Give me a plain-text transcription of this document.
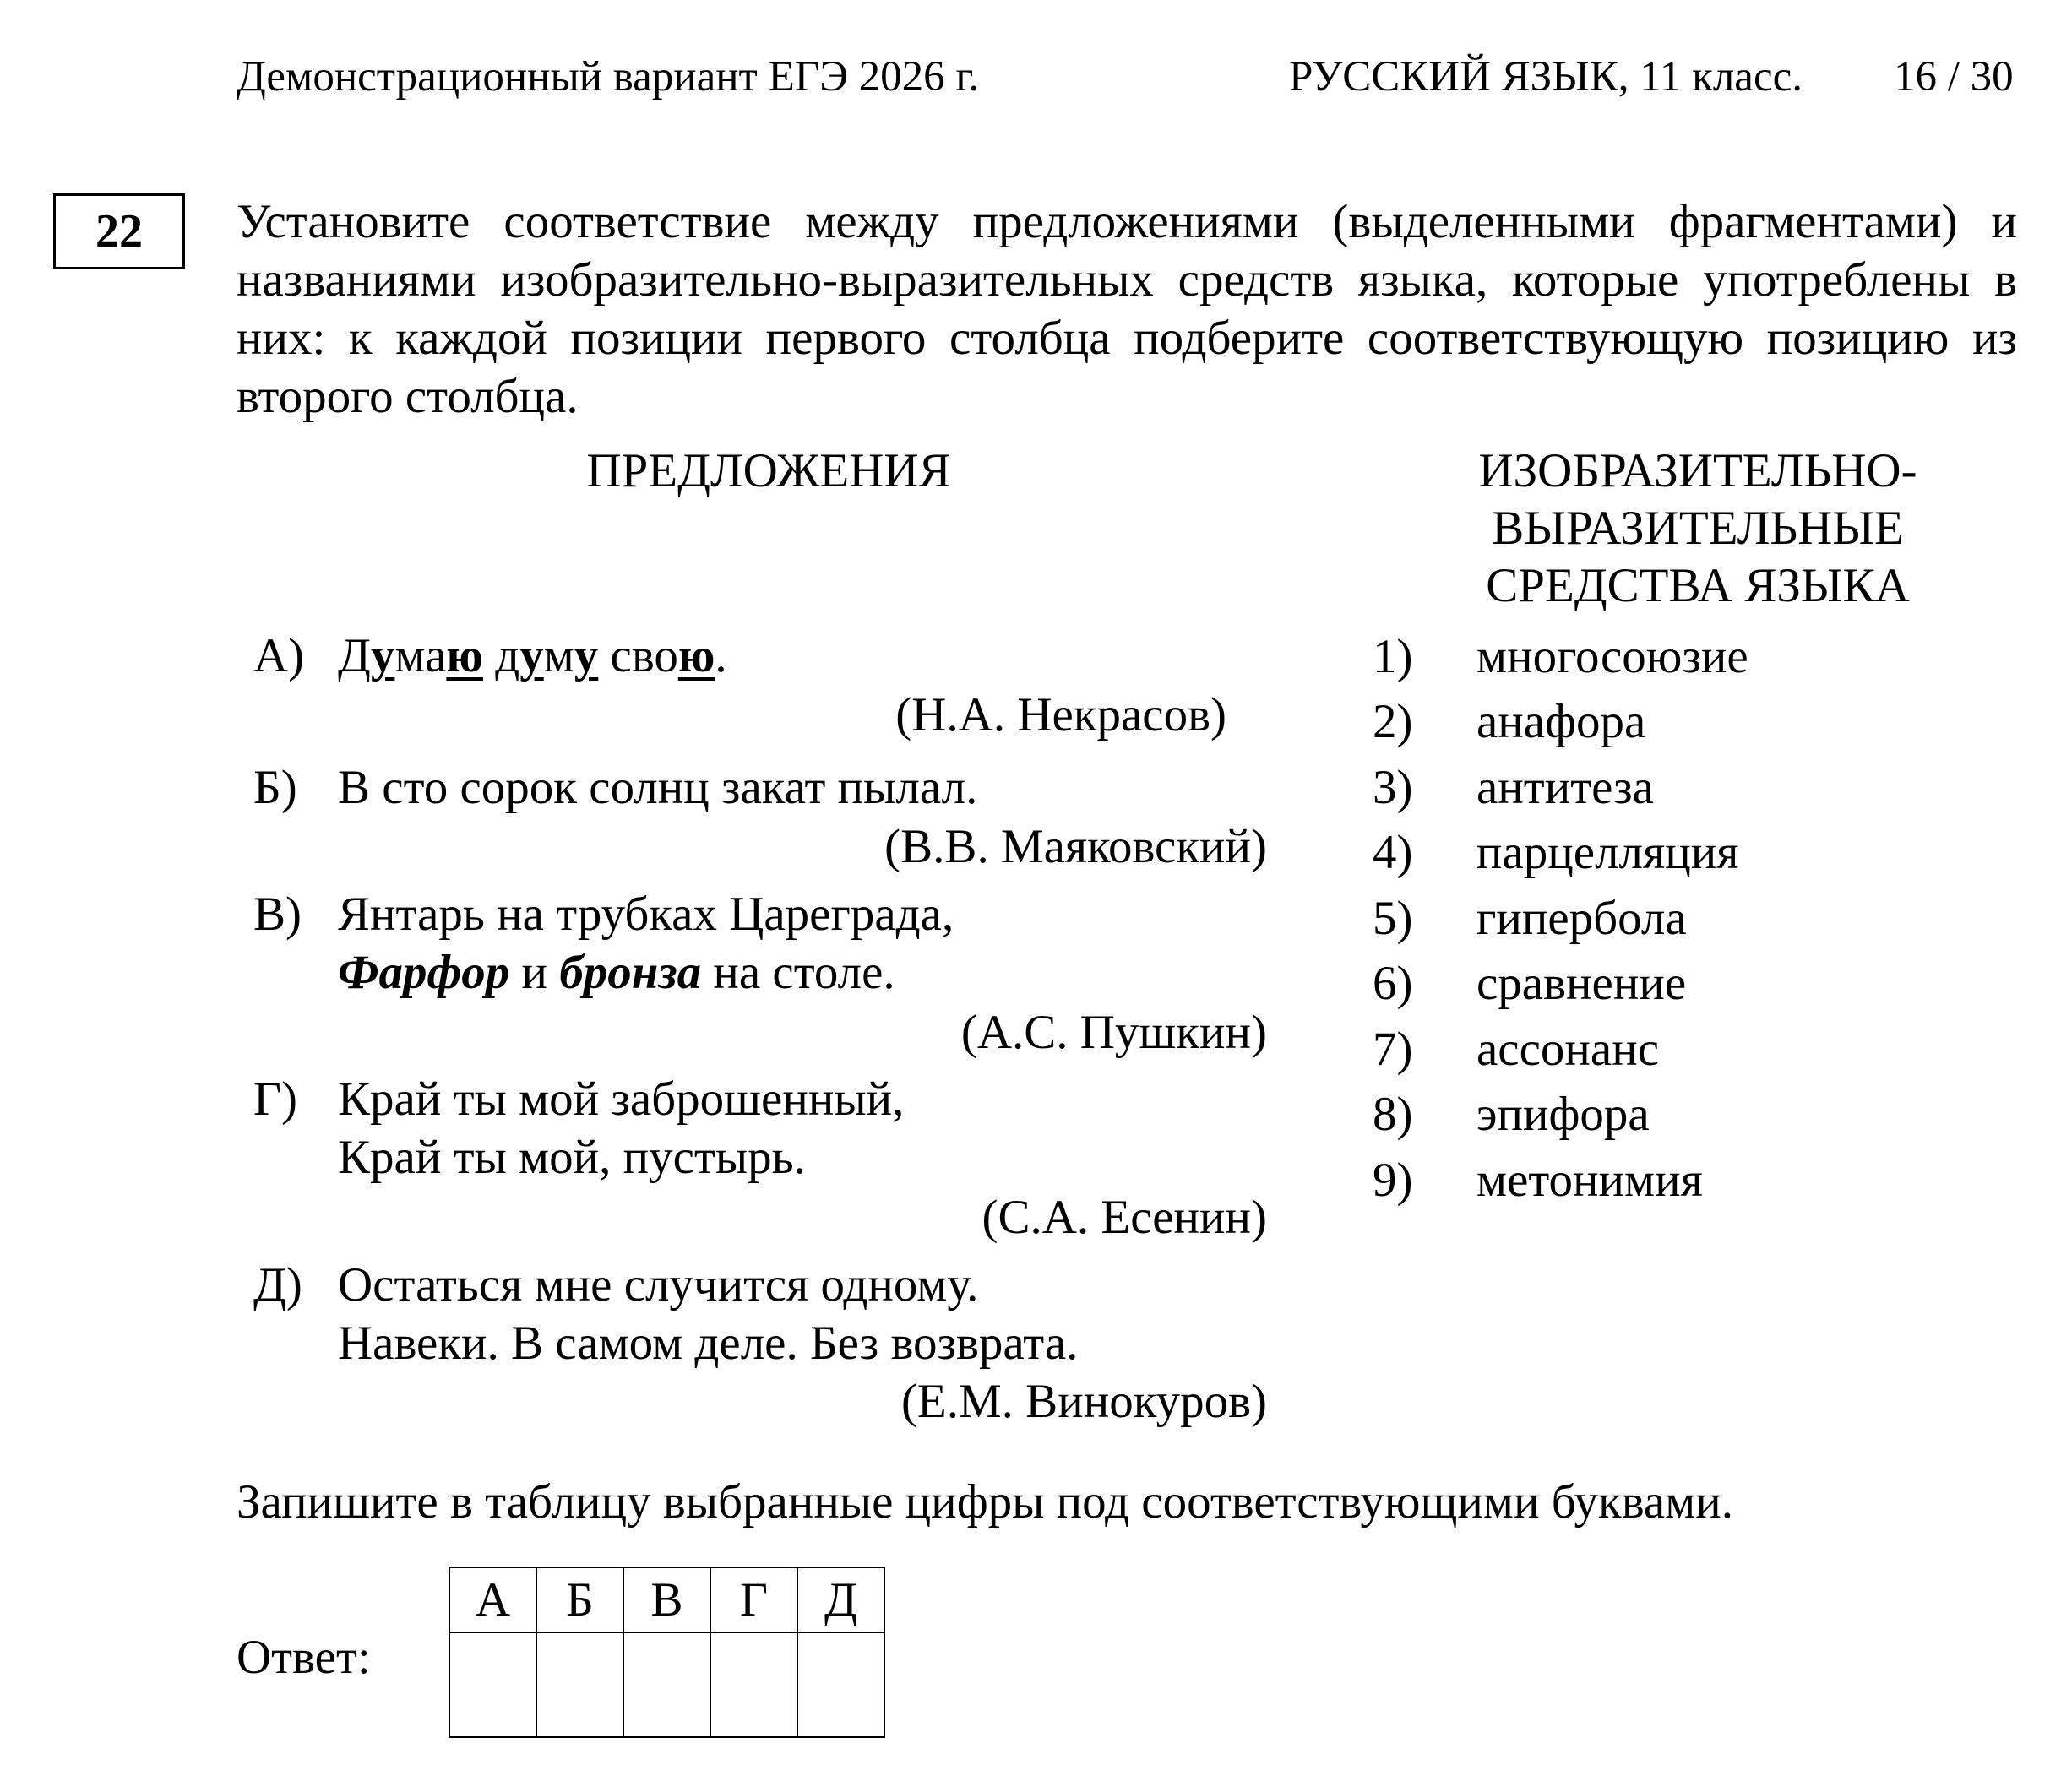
Демонстрационный вариант ЕГЭ 2026 г.	РУССКИЙ ЯЗЫК, 11 класс. 16 / 30
22 Установите соответствие между предложениями (выделенными фрагментами) и названиями изобразительно-выразительных средств языка, которые употреблены в них: к каждой позиции первого столбца подберите соответствующую позицию из второго столбца.
ПРЕДЛОЖЕНИЯ	ИЗОБРАЗИТЕЛЬНО-ВЫРАЗИТЕЛЬНЫЕ СРЕДСТВА ЯЗЫКА
А) Думаю думу свою.
(Н.А. Некрасов)
Б) В сто сорок солнц закат пылал.
(В.В. Маяковский)
В) Янтарь на трубках Цареграда,
Фарфор и бронза на столе.
(А.С. Пушкин)
Г) Край ты мой заброшенный,
Край ты мой, пустырь.
(С.А. Есенин)
Д) Остаться мне случится одному.
Навеки. В самом деле. Без возврата.
(Е.М. Винокуров)
1) многосоюзие
2) анафора
3) антитеза
4) парцелляция
5) гипербола
6) сравнение
7) ассонанс
8) эпифора
9) метонимия
Запишите в таблицу выбранные цифры под соответствующими буквами.
Ответ:
А	Б	В	Г	Д
